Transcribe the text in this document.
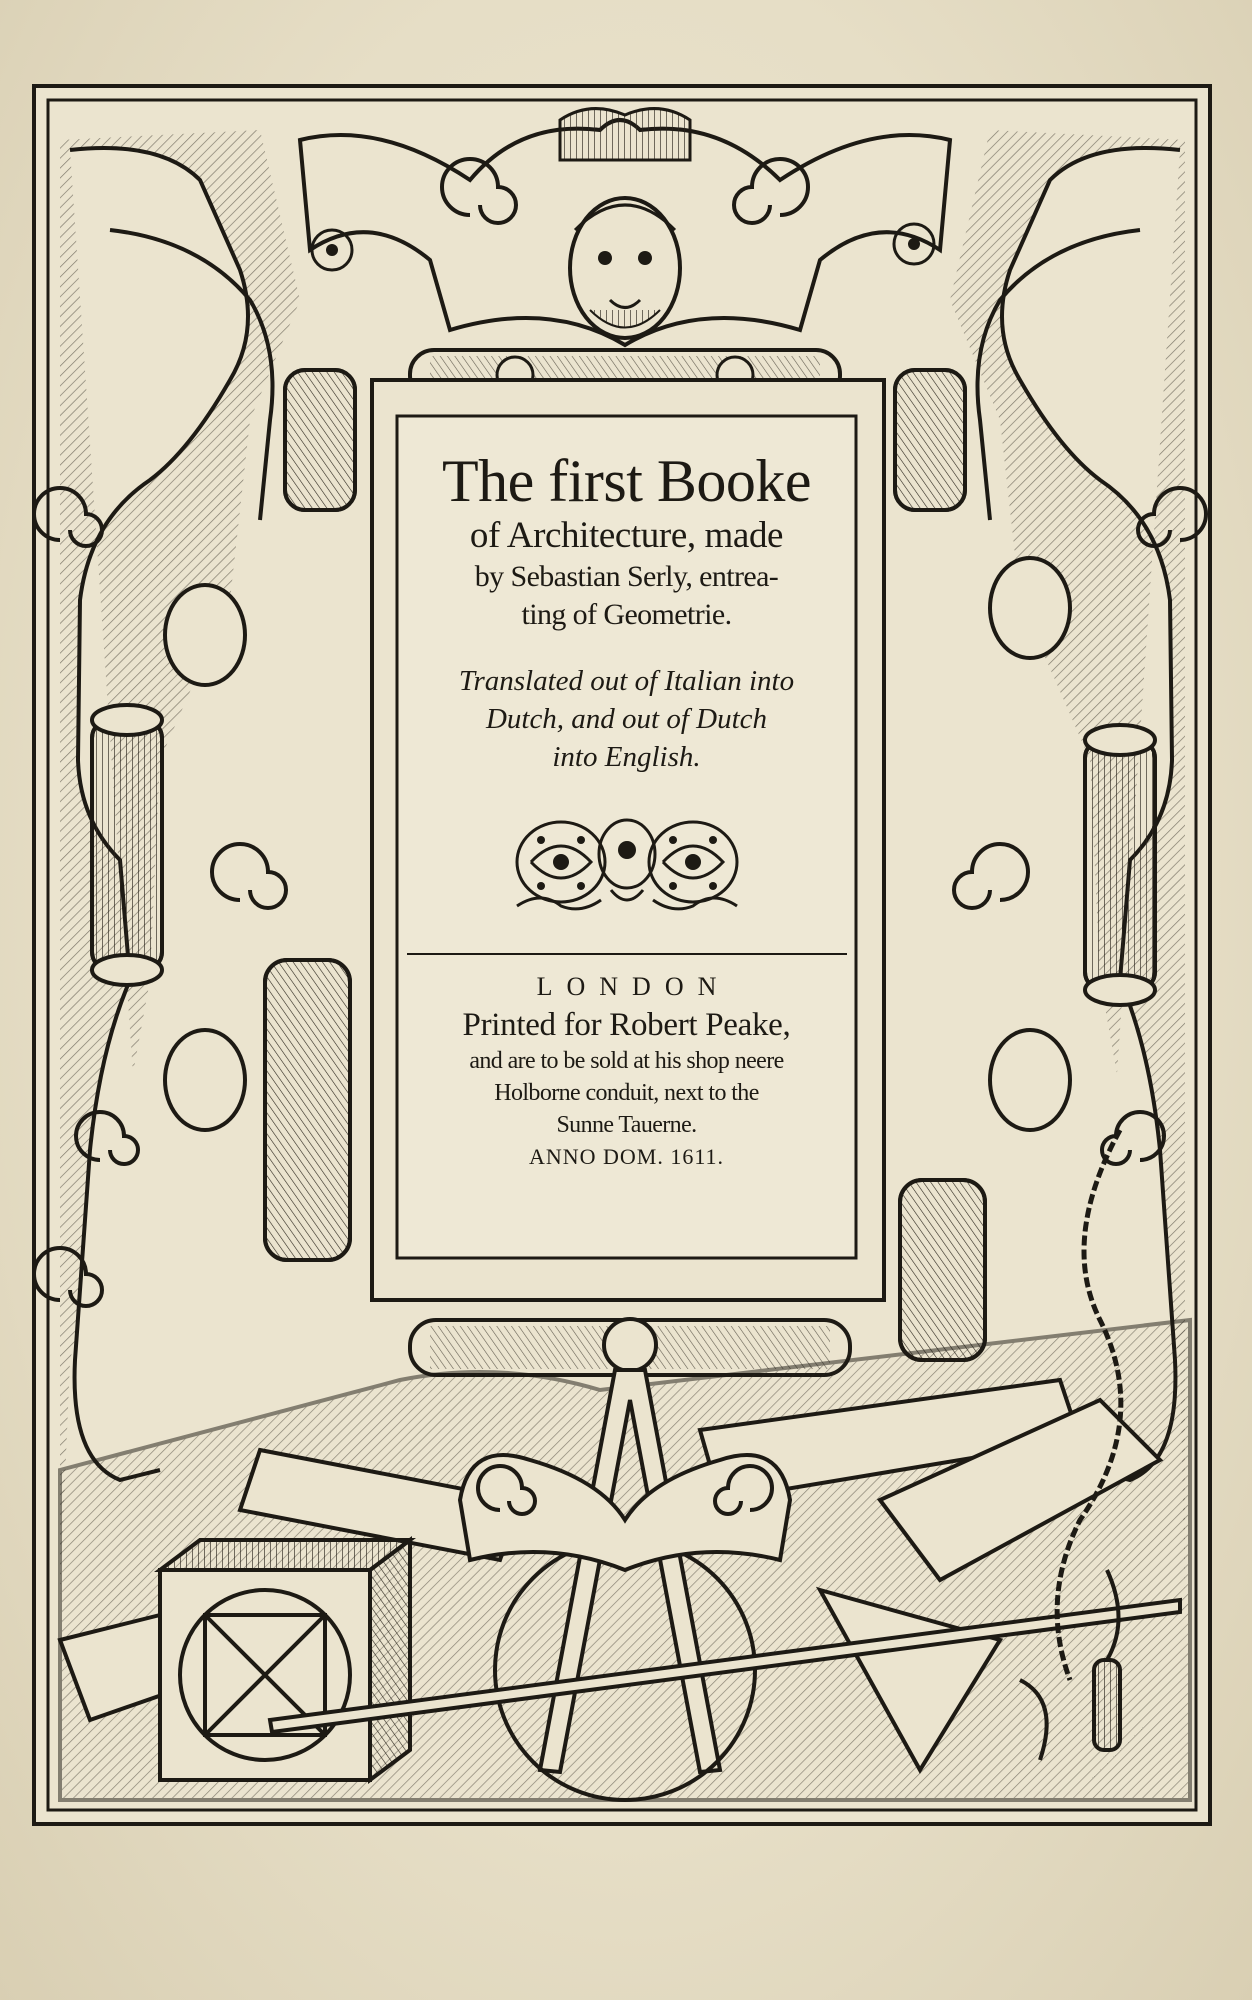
The first Booke
of Architecture, made
by Sebastian Serly, entrea-
ting of Geometrie.
Translated out of Italian into
Dutch, and out of Dutch
into English.
LONDON
Printed for Robert Peake,
and are to be sold at his shop neere
Holborne conduit, next to the
Sunne Tauerne.
ANNO DOM. 1611.
